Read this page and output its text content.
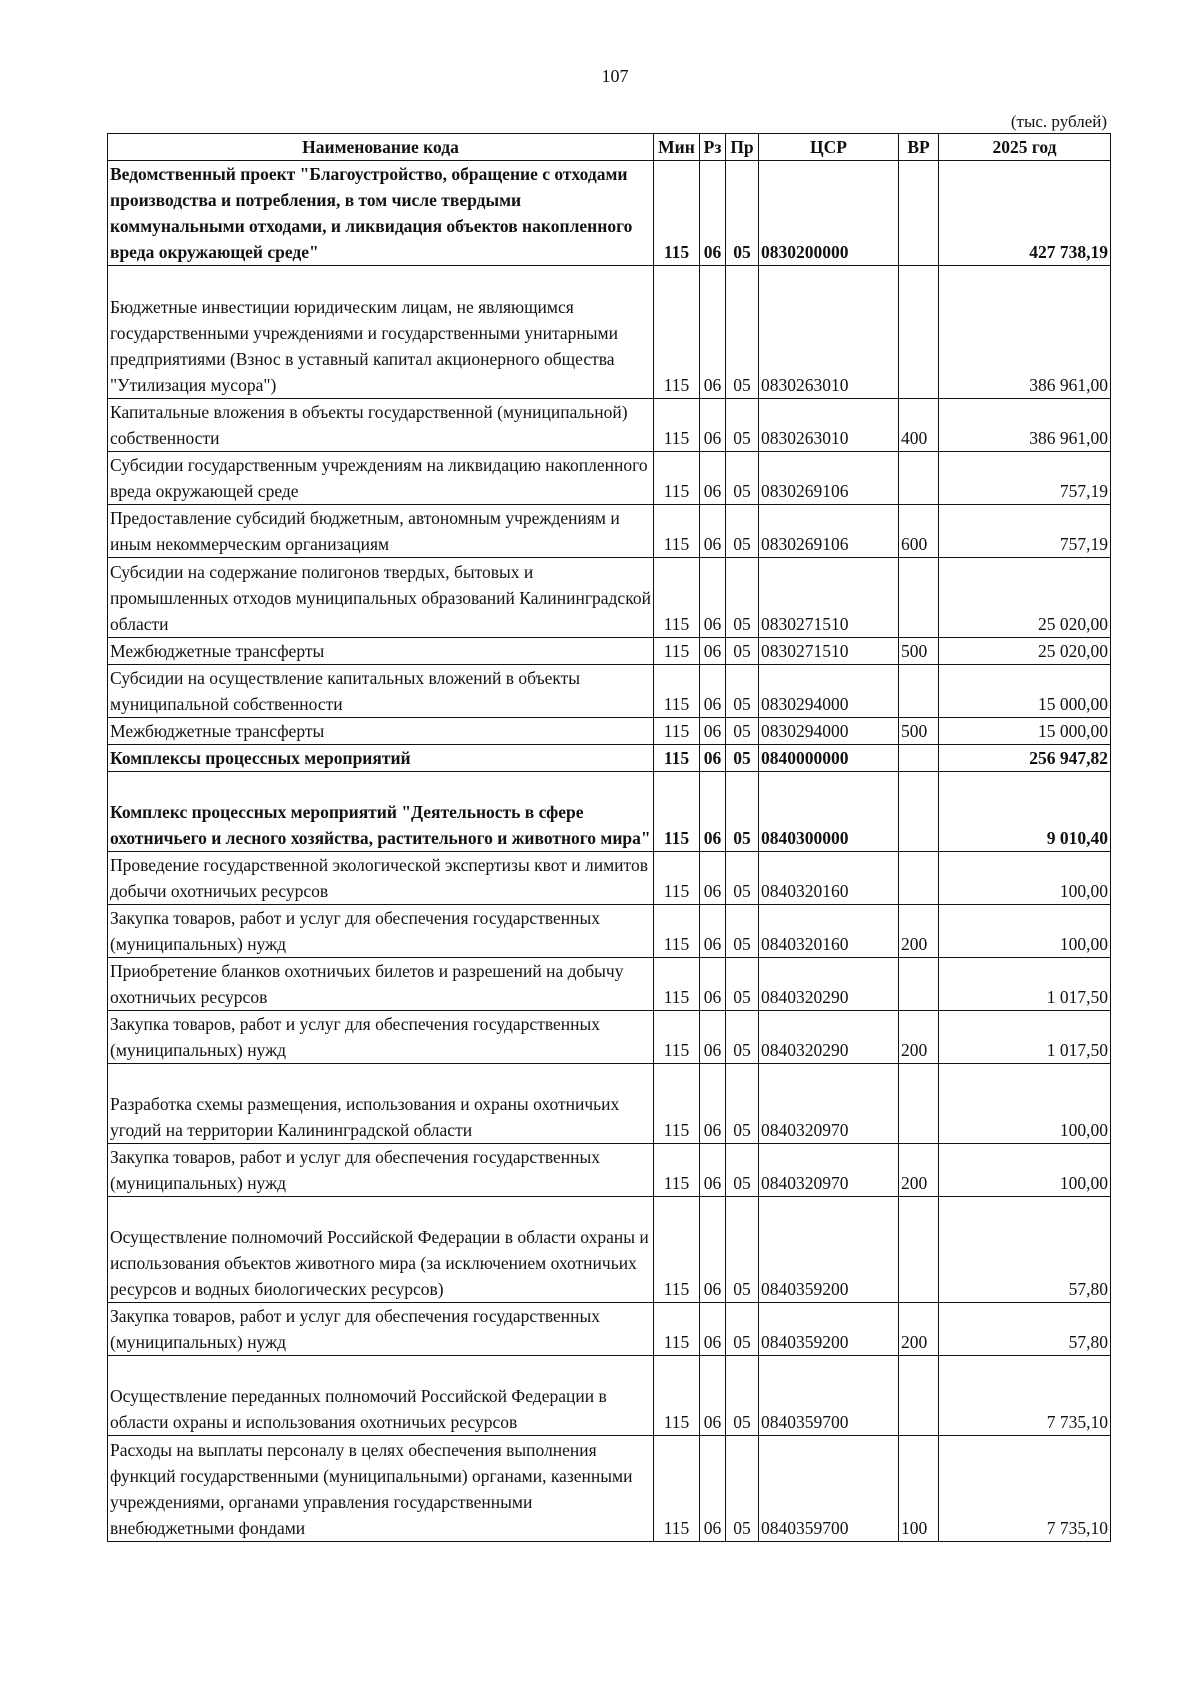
107
(тыс. рублей)
Наименование кода	Мин	Рз	Пр	ЦСР	ВР	2025 год
Ведомственный проект "Благоустройство, обращение с отходами производства и потребления, в том числе твердыми коммунальными отходами, и ликвидация объектов накопленного вреда окружающей среде"	115	06	05	0830200000		427 738,19
Бюджетные инвестиции юридическим лицам, не являющимся государственными учреждениями и государственными унитарными предприятиями (Взнос в уставный капитал акционерного общества "Утилизация мусора")	115	06	05	0830263010		386 961,00
Капитальные вложения в объекты государственной (муниципальной) собственности	115	06	05	0830263010	400	386 961,00
Субсидии государственным учреждениям на ликвидацию накопленного вреда окружающей среде	115	06	05	0830269106		757,19
Предоставление субсидий бюджетным, автономным учреждениям и иным некоммерческим организациям	115	06	05	0830269106	600	757,19
Субсидии на содержание полигонов твердых, бытовых и промышленных отходов муниципальных образований Калининградской области	115	06	05	0830271510		25 020,00
Межбюджетные трансферты	115	06	05	0830271510	500	25 020,00
Субсидии на осуществление капитальных вложений в объекты муниципальной собственности	115	06	05	0830294000		15 000,00
Межбюджетные трансферты	115	06	05	0830294000	500	15 000,00
Комплексы процессных мероприятий	115	06	05	0840000000		256 947,82
Комплекс процессных мероприятий "Деятельность в сфере охотничьего и лесного хозяйства, растительного и животного мира"	115	06	05	0840300000		9 010,40
Проведение государственной экологической экспертизы квот и лимитов добычи охотничьих ресурсов	115	06	05	0840320160		100,00
Закупка товаров, работ и услуг для обеспечения государственных (муниципальных) нужд	115	06	05	0840320160	200	100,00
Приобретение бланков охотничьих билетов и разрешений на добычу охотничьих ресурсов	115	06	05	0840320290		1 017,50
Закупка товаров, работ и услуг для обеспечения государственных (муниципальных) нужд	115	06	05	0840320290	200	1 017,50
Разработка схемы размещения, использования и охраны охотничьих угодий на территории Калининградской области	115	06	05	0840320970		100,00
Закупка товаров, работ и услуг для обеспечения государственных (муниципальных) нужд	115	06	05	0840320970	200	100,00
Осуществление полномочий Российской Федерации в области охраны и использования объектов животного мира (за исключением охотничьих ресурсов и водных биологических ресурсов)	115	06	05	0840359200		57,80
Закупка товаров, работ и услуг для обеспечения государственных (муниципальных) нужд	115	06	05	0840359200	200	57,80
Осуществление переданных полномочий Российской Федерации в области охраны и использования охотничьих ресурсов	115	06	05	0840359700		7 735,10
Расходы на выплаты персоналу в целях обеспечения выполнения функций государственными (муниципальными) органами, казенными учреждениями, органами управления государственными внебюджетными фондами	115	06	05	0840359700	100	7 735,10
